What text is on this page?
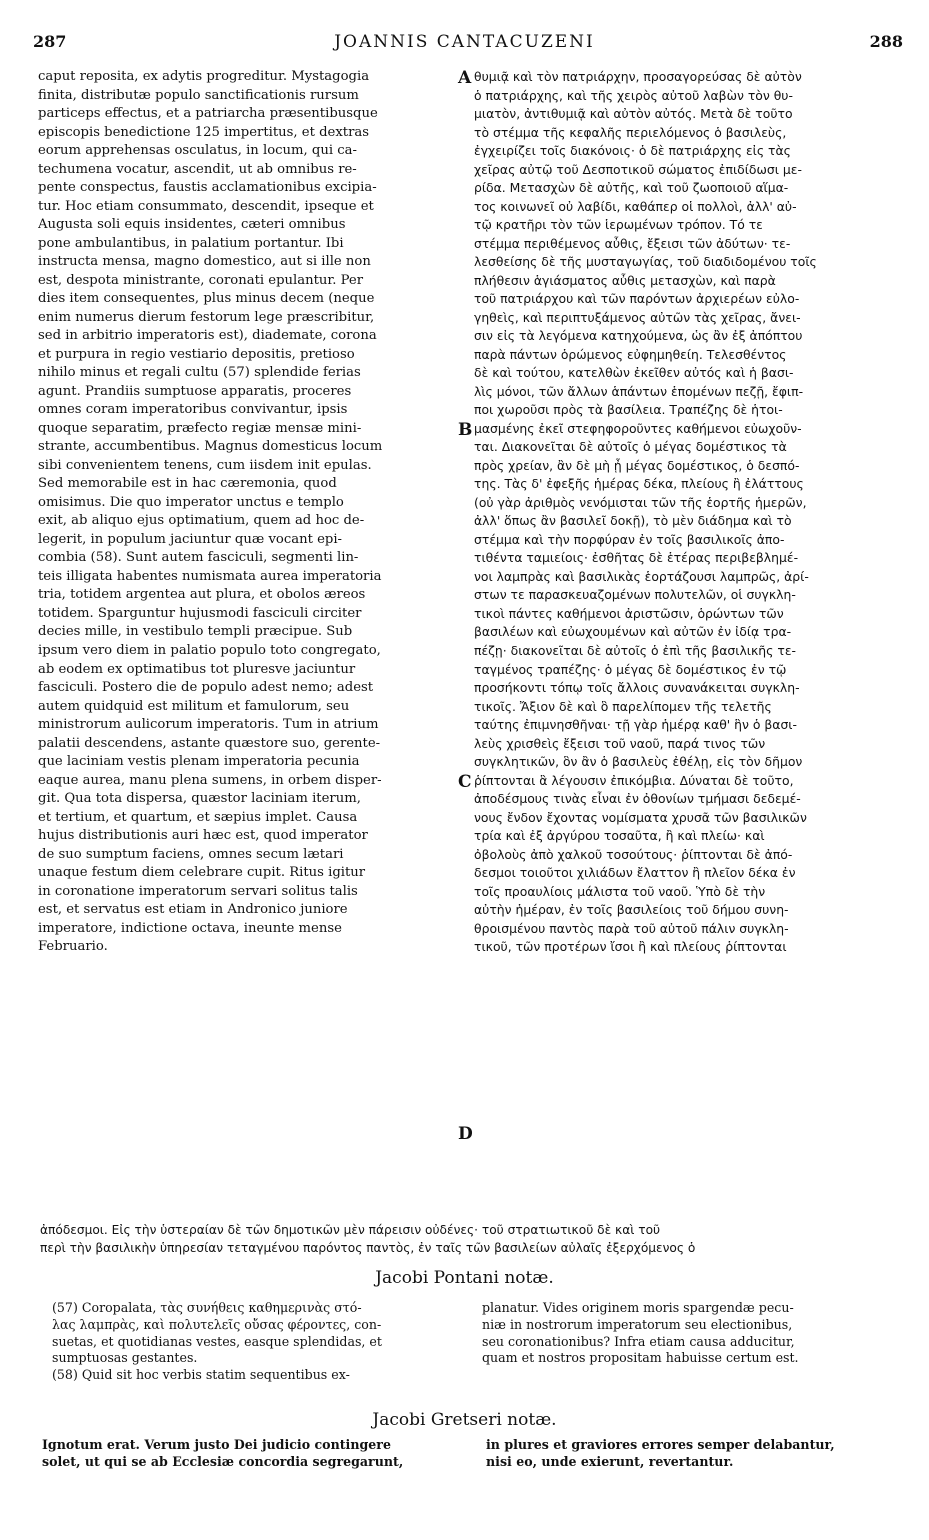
287	JOANNIS CANTACUZENI	288
A
B
C
D
caput reposita, ex adytis progreditur. Mystagogia
finita, distributæ populo sanctificationis rursum
particeps effectus, et a patriarcha præsentibusque
episcopis benedictione 125 impertitus, et dextras
eorum apprehensas osculatus, in locum, qui ca-
techumena vocatur, ascendit, ut ab omnibus re-
pente conspectus, faustis acclamationibus excipia-
tur. Hoc etiam consummato, descendit, ipseque et
Augusta soli equis insidentes, cæteri omnibus
pone ambulantibus, in palatium portantur. Ibi
instructa mensa, magno domestico, aut si ille non
est, despota ministrante, coronati epulantur. Per
dies item consequentes, plus minus decem (neque
enim numerus dierum festorum lege præscribitur,
sed in arbitrio imperatoris est), diademate, corona
et purpura in regio vestiario depositis, pretioso
nihilo minus et regali cultu (57) splendide ferias
agunt. Prandiis sumptuose apparatis, proceres
omnes coram imperatoribus convivantur, ipsis
quoque separatim, præfecto regiæ mensæ mini-
strante, accumbentibus. Magnus domesticus locum
sibi convenientem tenens, cum iisdem init epulas.
Sed memorabile est in hac cæremonia, quod
omisimus. Die quo imperator unctus e templo
exit, ab aliquo ejus optimatium, quem ad hoc de-
legerit, in populum jaciuntur quæ vocant epi-
combia (58). Sunt autem fasciculi, segmenti lin-
teis illigata habentes numismata aurea imperatoria
tria, totidem argentea aut plura, et obolos æreos
totidem. Sparguntur hujusmodi fasciculi circiter
decies mille, in vestibulo templi præcipue. Sub
ipsum vero diem in palatio populo toto congregato,
ab eodem ex optimatibus tot pluresve jaciuntur
fasciculi. Postero die de populo adest nemo; adest
autem quidquid est militum et famulorum, seu
ministrorum aulicorum imperatoris. Tum in atrium
palatii descendens, astante quæstore suo, gerente-
que laciniam vestis plenam imperatoria pecunia
eaque aurea, manu plena sumens, in orbem disper-
git. Qua tota dispersa, quæstor laciniam iterum,
et tertium, et quartum, et sæpius implet. Causa
hujus distributionis auri hæc est, quod imperator
de suo sumptum faciens, omnes secum lætari
unaque festum diem celebrare cupit. Ritus igitur
in coronatione imperatorum servari solitus talis
est, et servatus est etiam in Andronico juniore
imperatore, indictione octava, ineunte mense
Februario.
θυμιᾷ καὶ τὸν πατριάρχην, προσαγορεύσας δὲ αὐτὸν
ὁ πατριάρχης, καὶ τῆς χειρὸς αὐτοῦ λαβὼν τὸν θυ-
μιατὸν, ἀντιθυμιᾷ καὶ αὐτὸν αὐτός. Μετὰ δὲ τοῦτο
τὸ στέμμα τῆς κεφαλῆς περιελόμενος ὁ βασιλεὺς,
ἐγχειρίζει τοῖς διακόνοις· ὁ δὲ πατριάρχης εἰς τὰς
χεῖρας αὐτῷ τοῦ Δεσποτικοῦ σώματος ἐπιδίδωσι με-
ρίδα. Μετασχὼν δὲ αὐτῆς, καὶ τοῦ ζωοποιοῦ αἵμα-
τος κοινωνεῖ οὐ λαβίδι, καθάπερ οἱ πολλοὶ, ἀλλ' αὐ-
τῷ κρατῆρι τὸν τῶν ἱερωμένων τρόπον. Τό τε
στέμμα περιθέμενος αὖθις, ἔξεισι τῶν ἀδύτων· τε-
λεσθείσης δὲ τῆς μυσταγωγίας, τοῦ διαδιδομένου τοῖς
πλήθεσιν ἁγιάσματος αὖθις μετασχὼν, καὶ παρὰ
τοῦ πατριάρχου καὶ τῶν παρόντων ἀρχιερέων εὐλο-
γηθεὶς, καὶ περιπτυξάμενος αὐτῶν τὰς χεῖρας, ἄνει-
σιν εἰς τὰ λεγόμενα κατηχούμενα, ὡς ἂν ἐξ ἀπόπτου
παρὰ πάντων ὁρώμενος εὐφημηθείη. Τελεσθέντος
δὲ καὶ τούτου, κατελθὼν ἐκεῖθεν αὐτός καὶ ἡ βασι-
λὶς μόνοι, τῶν ἄλλων ἁπάντων ἑπομένων πεζῇ, ἔφιπ-
ποι χωροῦσι πρὸς τὰ βασίλεια. Τραπέζης δὲ ἡτοι-
μασμένης ἐκεῖ στεφηφοροῦντες καθήμενοι εὐωχοῦν-
ται. Διακονεῖται δὲ αὐτοῖς ὁ μέγας δομέστικος τὰ
πρὸς χρείαν, ἂν δὲ μὴ ᾖ μέγας δομέστικος, ὁ δεσπό-
της. Τὰς δ' ἐφεξῆς ἡμέρας δέκα, πλείους ἢ ἐλάττους
(οὐ γὰρ ἀριθμὸς νενόμισται τῶν τῆς ἑορτῆς ἡμερῶν,
ἀλλ' ὅπως ἂν βασιλεῖ δοκῇ), τὸ μὲν διάδημα καὶ τὸ
στέμμα καὶ τὴν πορφύραν ἐν τοῖς βασιλικοῖς ἀπο-
τιθέντα ταμιείοις· ἐσθῆτας δὲ ἑτέρας περιβεβλημέ-
νοι λαμπρὰς καὶ βασιλικὰς ἑορτάζουσι λαμπρῶς, ἀρί-
στων τε παρασκευαζομένων πολυτελῶν, οἱ συγκλη-
τικοὶ πάντες καθήμενοι ἀριστῶσιν, ὁρώντων τῶν
βασιλέων καὶ εὐωχουμένων καὶ αὐτῶν ἐν ἰδίᾳ τρα-
πέζῃ· διακονεῖται δὲ αὐτοῖς ὁ ἐπὶ τῆς βασιλικῆς τε-
ταγμένος τραπέζης· ὁ μέγας δὲ δομέστικος ἐν τῷ
προσήκοντι τόπῳ τοῖς ἄλλοις συνανάκειται συγκλη-
τικοῖς. Ἄξιον δὲ καὶ ὃ παρελίπομεν τῆς τελετῆς
ταύτης ἐπιμνησθῆναι· τῇ γὰρ ἡμέρᾳ καθ' ἣν ὁ βασι-
λεὺς χρισθεὶς ἔξεισι τοῦ ναοῦ, παρά τινος τῶν
συγκλητικῶν, ὃν ἂν ὁ βασιλεὺς ἐθέλῃ, εἰς τὸν δῆμον
ῥίπτονται ἃ λέγουσιν ἐπικόμβια. Δύναται δὲ τοῦτο,
ἀποδέσμους τινὰς εἶναι ἐν ὀθονίων τμήμασι δεδεμέ-
νους ἔνδον ἔχοντας νομίσματα χρυσᾶ τῶν βασιλικῶν
τρία καὶ ἐξ ἀργύρου τοσαῦτα, ἢ καὶ πλείω· καὶ
ὀβολοὺς ἀπὸ χαλκοῦ τοσούτους· ῥίπτονται δὲ ἀπό-
δεσμοι τοιοῦτοι χιλιάδων ἔλαττον ἢ πλεῖον δέκα ἐν
τοῖς προαυλίοις μάλιστα τοῦ ναοῦ. Ὑπὸ δὲ τὴν
αὐτὴν ἡμέραν, ἐν τοῖς βασιλείοις τοῦ δήμου συνη-
θροισμένου παντὸς παρὰ τοῦ αὐτοῦ πάλιν συγκλη-
τικοῦ, τῶν προτέρων ἴσοι ἢ καὶ πλείους ῥίπτονται
ἀπόδεσμοι. Εἰς τὴν ὑστεραίαν δὲ τῶν δημοτικῶν μὲν πάρεισιν οὐδένες· τοῦ στρατιωτικοῦ δὲ καὶ τοῦ
περὶ τὴν βασιλικὴν ὑπηρεσίαν τεταγμένου παρόντος παντὸς, ἐν ταῖς τῶν βασιλείων αὐλαῖς ἐξερχόμενος ὁ
Jacobi Pontani notæ.
(57) Coropalata, τὰς συνήθεις καθημερινὰς στό-
λας λαμπρὰς, καὶ πολυτελεῖς οὔσας φέροντες, con-
suetas, et quotidianas vestes, easque splendidas, et
sumptuosas gestantes.
(58) Quid sit hoc verbis statim sequentibus ex-
planatur. Vides originem moris spargendæ pecu-
niæ in nostrorum imperatorum seu electionibus,
seu coronationibus? Infra etiam causa adducitur,
quam et nostros propositam habuisse certum est.
Jacobi Gretseri notæ.
Ignotum erat. Verum justo Dei judicio contingere
solet, ut qui se ab Ecclesiæ concordia segregarunt,
in plures et graviores errores semper delabantur,
nisi eo, unde exierunt, revertantur.
